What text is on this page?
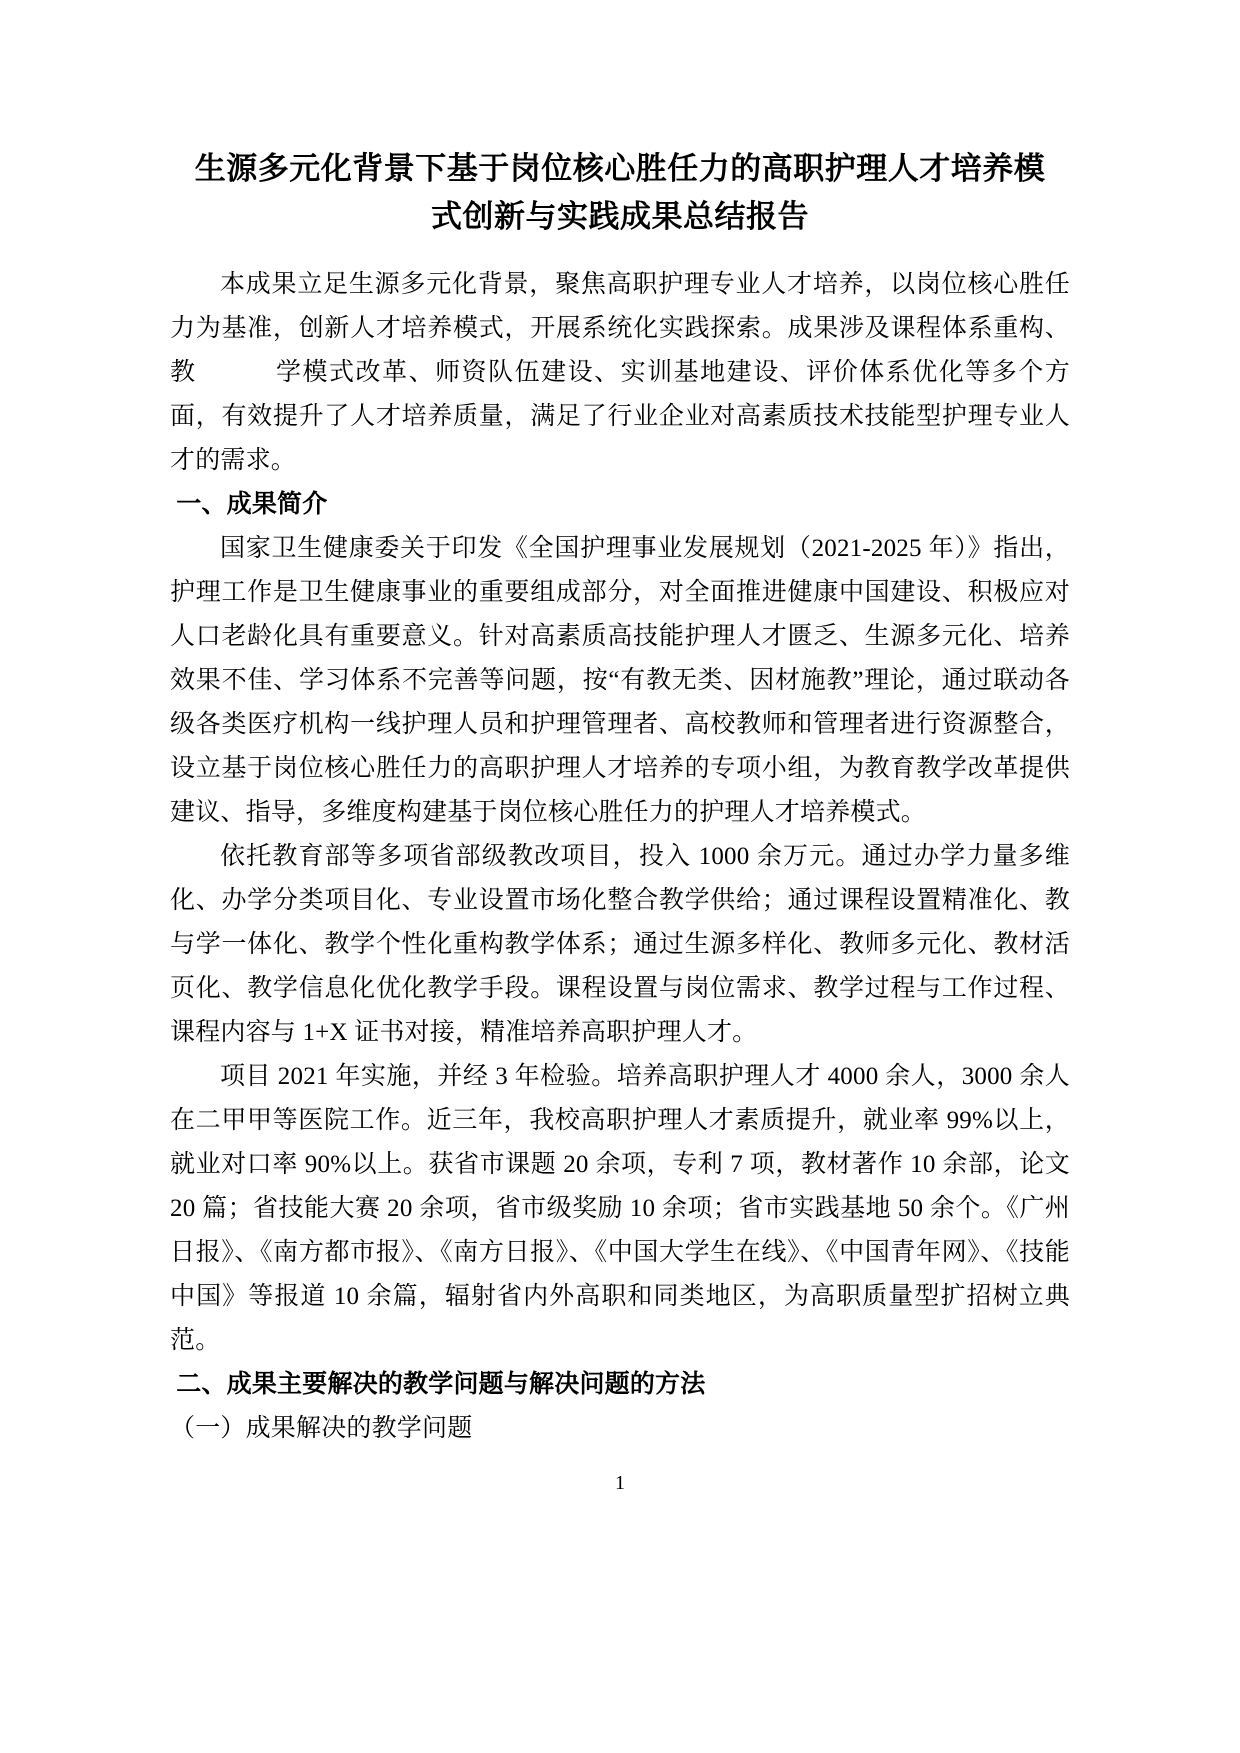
生源多元化背景下基于岗位核心胜任力的高职护理人才培养模式创新与实践成果总结报告

本成果立足生源多元化背景，聚焦高职护理专业人才培养，以岗位核心胜任力为基准，创新人才培养模式，开展系统化实践探索。成果涉及课程体系重构、教　　　学模式改革、师资队伍建设、实训基地建设、评价体系优化等多个方面，有效提升了人才培养质量，满足了行业企业对高素质技术技能型护理专业人才的需求。

一、成果简介

国家卫生健康委关于印发《全国护理事业发展规划（2021-2025 年）》指出，护理工作是卫生健康事业的重要组成部分，对全面推进健康中国建设、积极应对人口老龄化具有重要意义。针对高素质高技能护理人才匮乏、生源多元化、培养效果不佳、学习体系不完善等问题，按“有教无类、因材施教”理论，通过联动各级各类医疗机构一线护理人员和护理管理者、高校教师和管理者进行资源整合，设立基于岗位核心胜任力的高职护理人才培养的专项小组，为教育教学改革提供建议、指导，多维度构建基于岗位核心胜任力的护理人才培养模式。

依托教育部等多项省部级教改项目，投入 1000 余万元。通过办学力量多维化、办学分类项目化、专业设置市场化整合教学供给；通过课程设置精准化、教与学一体化、教学个性化重构教学体系；通过生源多样化、教师多元化、教材活页化、教学信息化优化教学手段。课程设置与岗位需求、教学过程与工作过程、课程内容与 1+X 证书对接，精准培养高职护理人才。

项目 2021 年实施，并经 3 年检验。培养高职护理人才 4000 余人，3000 余人在二甲甲等医院工作。近三年，我校高职护理人才素质提升，就业率 99%以上，就业对口率 90%以上。获省市课题 20 余项，专利 7 项，教材著作 10 余部，论文 20 篇；省技能大赛 20 余项，省市级奖励 10 余项；省市实践基地 50 余个。《广州日报》、《南方都市报》、《南方日报》、《中国大学生在线》、《中国青年网》、《技能中国》等报道 10 余篇，辐射省内外高职和同类地区，为高职质量型扩招树立典范。

二、成果主要解决的教学问题与解决问题的方法

（一）成果解决的教学问题

1
